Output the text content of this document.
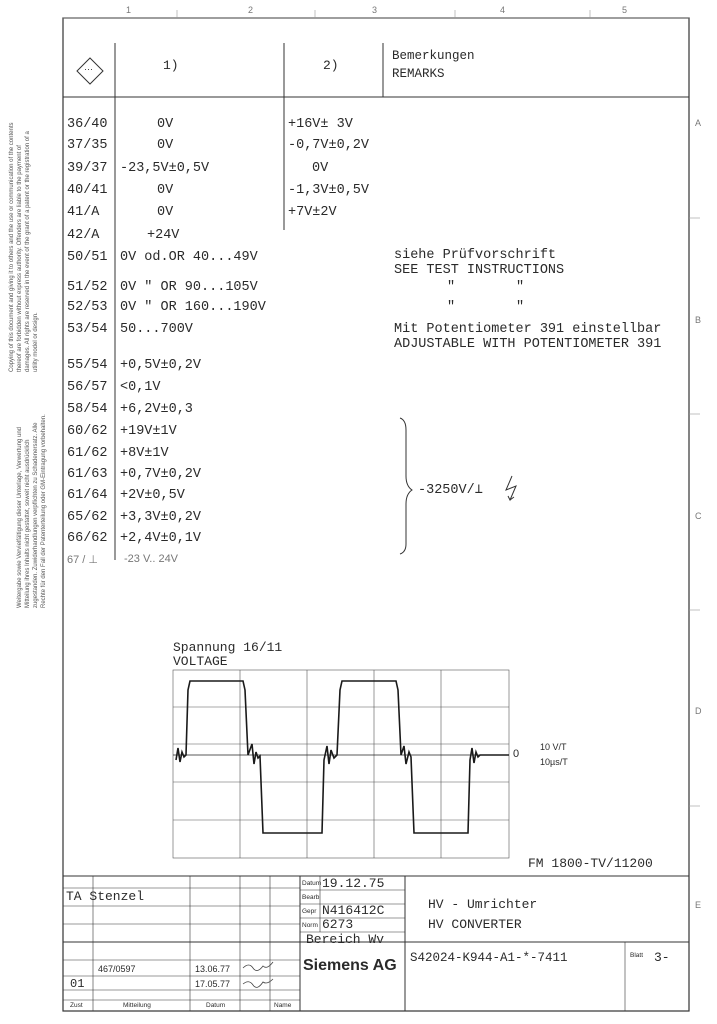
1	2	3	4	5
A
B
C
D
E
Copying of this document and giving it to others and the use or communication of the contents thereof are forbidden without express authority. Offenders are liable to the payment of damages. All rights are reserved in the event of the grant of a patent or the registration of a utility model or design.
Weitergabe sowie Vervielfältigung dieser Unterlage, Verwertung und Mitteilung ihres Inhalts nicht gestattet, soweit nicht ausdrücklich zugestanden. Zuwiderhandlungen verpflichten zu Schadenersatz. Alle Rechte für den Fall der Patenterteilung oder GM-Eintragung vorbehalten.
···	1)	2)
Bemerkungen
REMARKS
36/40	0V	+16V± 3V
37/35	0V	-0,7V±0,2V
39/37 -23,5V±0,5V	0V
40/41	0V	-1,3V±0,5V
41/A	0V	+7V±2V
42/A	+24V
50/51 0V od.OR 40...49V
51/52 0V " OR 90...105V
52/53 0V " OR 160...190V
53/54 50...700V
55/54 +0,5V±0,2V
56/57 <0,1V
58/54 +6,2V±0,3
60/62 +19V±1V
61/62 +8V±1V
61/63 +0,7V±0,2V
61/64 +2V±0,5V
65/62 +3,3V±0,2V
66/62 +2,4V±0,1V
67 / ⊥ -23 V.. 24V
siehe Prüfvorschrift
SEE TEST INSTRUCTIONS
"	"
"	"
Mit Potentiometer 391 einstellbar
ADJUSTABLE WITH POTENTIOMETER 391
-3250V/⊥
Spannung 16/11
VOLTAGE
0
10 V/T
10µs/T
FM 1800-TV/11200
TA Stenzel
Datum 19.12.75
Bearb
Gepr N416412C
Norm 6273
Bereich Wv
Siemens AG
HV - Umrichter
HV CONVERTER
S42024-K944-A1-*-7411	Blatt 3-
467/0597	13.06.77
01	17.05.77
Zust	Mitteilung	Datum	Name
